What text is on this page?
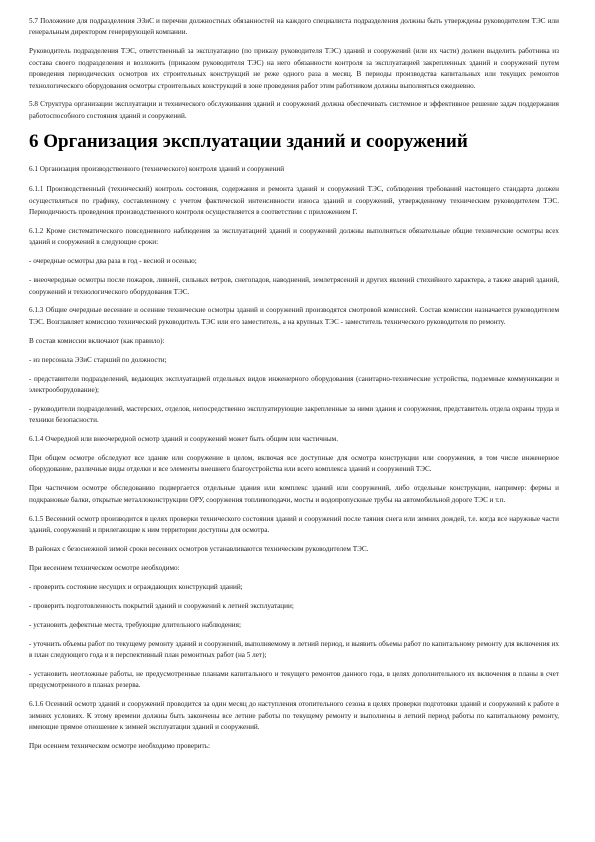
5.7 Положение для подразделения ЭЗиС и перечни должностных обязанностей на каждого специалиста подразделения должны быть утверждены руководителем ТЭС или генеральным директором генерирующей компании.

Руководитель подразделения ТЭС, ответственный за эксплуатацию (по приказу руководителя ТЭС) зданий и сооружений (или их части) должен выделить работника из состава своего подразделения и возложить (приказом руководителя ТЭС) на него обязанности контроля за эксплуатацией закрепленных зданий и сооружений путем проведения периодических осмотров их строительных конструкций не реже одного раза в месяц. В периоды производства капитальных или текущих ремонтов технологического оборудования осмотры строительных конструкций в зоне проведения работ этим работником должны выполняться ежедневно.

5.8 Структура организации эксплуатации и технического обслуживания зданий и сооружений должна обеспечивать системное и эффективное решение задач поддержания работоспособного состояния зданий и сооружений.

6 Организация эксплуатации зданий и сооружений

6.1 Организация производственного (технического) контроля зданий и сооружений

6.1.1 Производственный (технический) контроль состояния, содержания и ремонта зданий и сооружений ТЭС, соблюдения требований настоящего стандарта должен осуществляться по графику, составленному с учетом фактической интенсивности износа зданий и сооружений, утвержденному техническим руководителем ТЭС. Периодичность проведения производственного контроля осуществляется в соответствии с приложением Г.

6.1.2 Кроме систематического повседневного наблюдения за эксплуатацией зданий и сооружений должны выполняться обязательные общие технические осмотры всех зданий и сооружений в следующие сроки:

- очередные осмотры два раза в год - весной и осенью;

- внеочередные осмотры после пожаров, ливней, сильных ветров, снегопадов, наводнений, землетрясений и других явлений стихийного характера, а также аварий зданий, сооружений и технологического оборудования ТЭС.

6.1.3 Общие очередные весенние и осенние технические осмотры зданий и сооружений производятся смотровой комиссией. Состав комиссии назначается руководителем ТЭС. Возглавляет комиссию технический руководитель ТЭС или его заместитель, а на крупных ТЭС - заместитель технического руководителя по ремонту.

В состав комиссии включают (как правило):

- из персонала ЭЗиС старший по должности;

- представители подразделений, ведающих эксплуатацией отдельных видов инженерного оборудования (санитарно-технические устройства, подземные коммуникации и электрооборудование);

- руководители подразделений, мастерских, отделов, непосредственно эксплуатирующие закрепленные за ними здания и сооружения, представитель отдела охраны труда и техники безопасности.

6.1.4 Очередной или внеочередной осмотр зданий и сооружений может быть общим или частичным.

При общем осмотре обследуют все здание или сооружение в целом, включая все доступные для осмотра конструкции или сооружения, в том числе инженерное оборудование, различные виды отделки и все элементы внешнего благоустройства или всего комплекса зданий и сооружений ТЭС.

При частичном осмотре обследованию подвергается отдельные здания или комплекс зданий или сооружений, либо отдельные конструкции, например: фермы и подкрановые балки, открытые металлоконструкции ОРУ, сооружения топливоподачи, мосты и водопропускные трубы на автомобильной дороге ТЭС и т.п.

6.1.5 Весенний осмотр производится в целях проверки технического состояния зданий и сооружений после таяния снега или зимних дождей, т.е. когда все наружные части зданий, сооружений и прилегающие к ним территории доступны для осмотра.

В районах с безоснежной зимой сроки весенних осмотров устанавливаются техническим руководителем ТЭС.

При весеннем техническом осмотре необходимо:

- проверить состояние несущих и ограждающих конструкций зданий;

- проверить подготовленность покрытий зданий и сооружений к летней эксплуатации;

- установить дефектные места, требующие длительного наблюдения;

- уточнить объемы работ по текущему ремонту зданий и сооружений, выполняемому в летний период, и выявить объемы работ по капитальному ремонту для включения их в план следующего года и в перспективный план ремонтных работ (на 5 лет);

- установить неотложные работы, не предусмотренные планами капитального и текущего ремонтов данного года, в целях дополнительного их включения в планы в счет предусмотренного в планах резерва.

6.1.6 Осенний осмотр зданий и сооружений проводится за один месяц до наступления отопительного сезона в целях проверки подготовки зданий и сооружений к работе в зимних условиях. К этому времени должны быть закончены все летние работы по текущему ремонту и выполнены в летний период работы по капитальному ремонту, имеющие прямое отношение к зимней эксплуатации зданий и сооружений.

При осеннем техническом осмотре необходимо проверить:
